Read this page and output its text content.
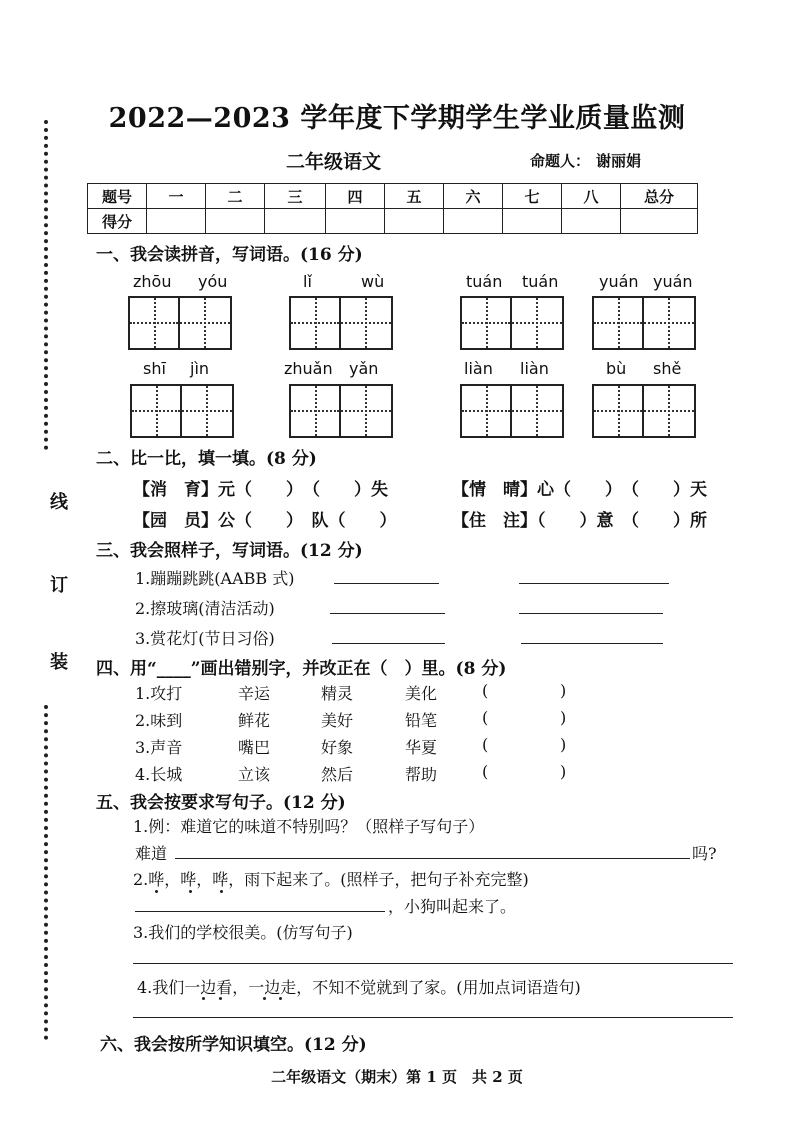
2022—2023 学年度下学期学生学业质量监测
二年级语文	命题人： 谢丽娟
线
订
装
题号	一	二	三	四	五	六	七	八	总分
得分									
一、我会读拼音，写词语。(16 分)
zhōu yóu	lǐ	wù	tuán tuán	yuán yuán
shī jìn	zhuǎn yǎn	liàn liàn	bù shě
二、比一比，填一填。(8 分)
【消　育】元（　　）　（　　）失	【情　晴】心（　　）　（　　）天
【园　员】公（　　）　队（　　）	【住　注】（　　）意　（　　）所
三、我会照样子，写词语。(12 分)
1.蹦蹦跳跳(AABB 式)
2.擦玻璃(清洁活动)
3.赏花灯(节日习俗)
四、用“____”画出错别字，并改正在（　）里。(8 分)
1.攻打	辛运	精灵	美化	(	)
2.味到	鲜花	美好	铅笔	(	)
3.声音	嘴巴	好象	华夏	(	)
4.长城	立该	然后	帮助	(	)
五、我会按要求写句子。(12 分)
1.例：难道它的味道不特别吗？（照样子写句子）
难道	吗?
2.哗，哗，哗，雨下起来了。(照样子，把句子补充完整)
，小狗叫起来了。
3.我们的学校很美。(仿写句子)
4.我们一边看，一边走，不知不觉就到了家。(用加点词语造句)
六、我会按所学知识填空。(12 分)
二年级语文（期末）第 1 页　共 2 页
